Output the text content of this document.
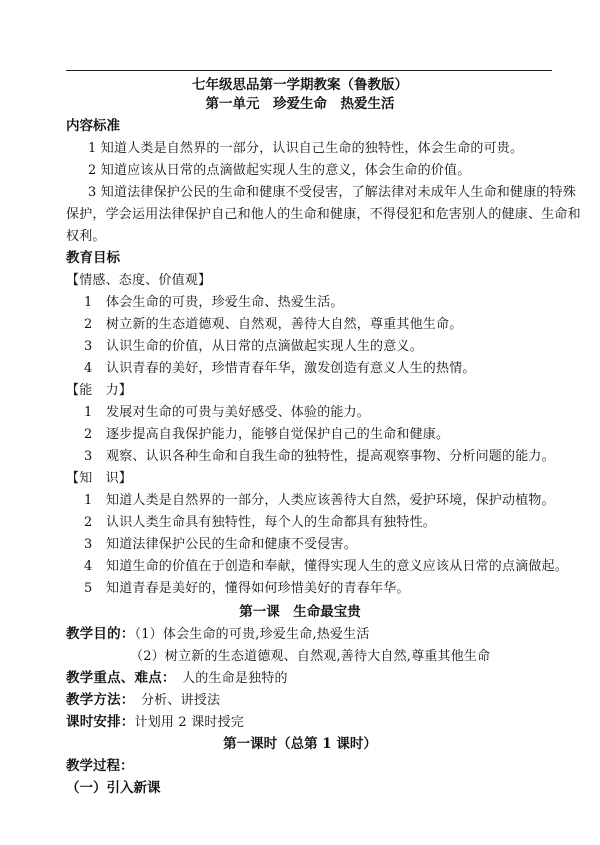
七年级思品第一学期教案（鲁教版）
第一单元　珍爱生命　热爱生活
内容标准
1 知道人类是自然界的一部分，认识自己生命的独特性，体会生命的可贵。
2 知道应该从日常的点滴做起实现人生的意义，体会生命的价值。
3 知道法律保护公民的生命和健康不受侵害，了解法律对未成年人生命和健康的特殊
保护，学会运用法律保护自己和他人的生命和健康，不得侵犯和危害别人的健康、生命和
权利。
教育目标
【情感、态度、价值观】
1 体会生命的可贵，珍爱生命、热爱生活。
2 树立新的生态道德观、自然观，善待大自然，尊重其他生命。
3 认识生命的价值，从日常的点滴做起实现人生的意义。
4 认识青春的美好，珍惜青春年华，激发创造有意义人生的热情。
【能　力】
1 发展对生命的可贵与美好感受、体验的能力。
2 逐步提高自我保护能力，能够自觉保护自己的生命和健康。
3 观察、认识各种生命和自我生命的独特性，提高观察事物、分析问题的能力。
【知　识】
1 知道人类是自然界的一部分，人类应该善待大自然，爱护环境，保护动植物。
2 认识人类生命具有独特性，每个人的生命都具有独特性。
3 知道法律保护公民的生命和健康不受侵害。
4 知道生命的价值在于创造和奉献，懂得实现人生的意义应该从日常的点滴做起。
5 知道青春是美好的，懂得如何珍惜美好的青春年华。
第一课　生命最宝贵
教学目的：（1）体会生命的可贵,珍爱生命,热爱生活
（2）树立新的生态道德观、自然观,善待大自然,尊重其他生命
教学重点、难点：　 人的生命是独特的
教学方法：　 分析、讲授法
课时安排：计划用 2 课时授完
第一课时（总第 1 课时）
教学过程：
（一）引入新课
